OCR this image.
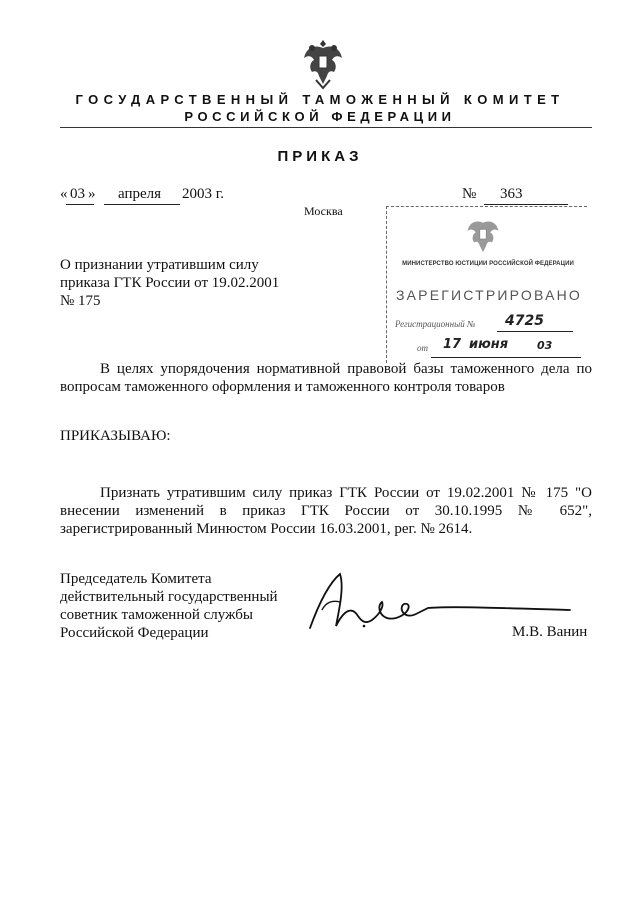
ГОСУДАРСТВЕННЫЙ ТАМОЖЕННЫЙ КОМИТЕТ
РОССИЙСКОЙ ФЕДЕРАЦИИ
ПРИКАЗ
« 03 » апреля 2003 г.	№ 363
Москва
О признании утратившим силу
приказа ГТК России от 19.02.2001
№ 175
МИНИСТЕРСТВО ЮСТИЦИИ РОССИЙСКОЙ ФЕДЕРАЦИИ
ЗАРЕГИСТРИРОВАНО
Регистрационный № 4725
от 17 июня	03
В целях упорядочения нормативной правовой базы таможенного дела по вопросам таможенного оформления и таможенного контроля товаров
ПРИКАЗЫВАЮ:
Признать утратившим силу приказ ГТК России от 19.02.2001 № 175 "О внесении изменений в приказ ГТК России от 30.10.1995 № 652", зарегистрированный Минюстом России 16.03.2001, рег. № 2614.
Председатель Комитета
действительный государственный
советник таможенной службы
Российской Федерации	М.В. Ванин
